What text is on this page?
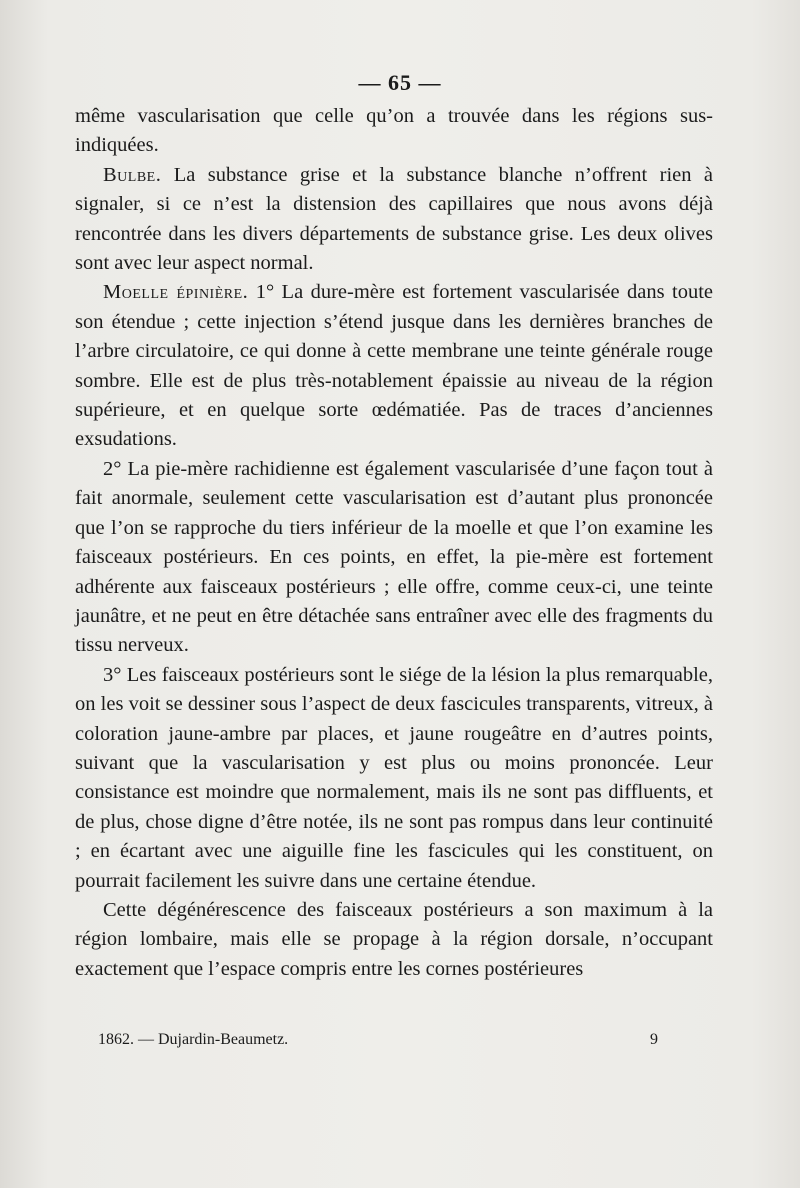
— 65 —

même vascularisation que celle qu’on a trouvée dans les régions sus-indiquées.

Bulbe. La substance grise et la substance blanche n’offrent rien à signaler, si ce n’est la distension des capillaires que nous avons déjà rencontrée dans les divers départements de substance grise. Les deux olives sont avec leur aspect normal.

Moelle épinière. 1° La dure-mère est fortement vascularisée dans toute son étendue ; cette injection s’étend jusque dans les dernières branches de l’arbre circulatoire, ce qui donne à cette membrane une teinte générale rouge sombre. Elle est de plus très-notablement épaissie au niveau de la région supérieure, et en quelque sorte œdématiée. Pas de traces d’anciennes exsudations.

2° La pie-mère rachidienne est également vascularisée d’une façon tout à fait anormale, seulement cette vascularisation est d’autant plus prononcée que l’on se rapproche du tiers inférieur de la moelle et que l’on examine les faisceaux postérieurs. En ces points, en effet, la pie-mère est fortement adhérente aux faisceaux postérieurs ; elle offre, comme ceux-ci, une teinte jaunâtre, et ne peut en être détachée sans entraîner avec elle des fragments du tissu nerveux.

3° Les faisceaux postérieurs sont le siége de la lésion la plus remarquable, on les voit se dessiner sous l’aspect de deux fascicules transparents, vitreux, à coloration jaune-ambre par places, et jaune rougeâtre en d’autres points, suivant que la vascularisation y est plus ou moins prononcée. Leur consistance est moindre que normalement, mais ils ne sont pas diffluents, et de plus, chose digne d’être notée, ils ne sont pas rompus dans leur continuité ; en écartant avec une aiguille fine les fascicules qui les constituent, on pourrait facilement les suivre dans une certaine étendue.

Cette dégénérescence des faisceaux postérieurs a son maximum à la région lombaire, mais elle se propage à la région dorsale, n’occupant exactement que l’espace compris entre les cornes postérieures

1862. — Dujardin-Beaumetz.	9
